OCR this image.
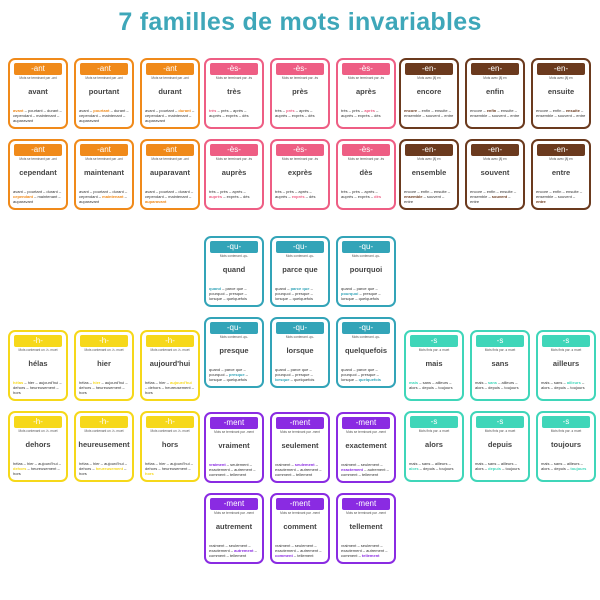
7 familles de mots invariables
-ant
Mots se terminant par -ant
avant
avant – pourtant – durant – cependant – maintenant – auparavant
-ant
Mots se terminant par -ant
pourtant
avant – pourtant – durant – cependant – maintenant – auparavant
-ant
Mots se terminant par -ant
durant
avant – pourtant – durant – cependant – maintenant – auparavant
-ant
Mots se terminant par -ant
cependant
avant – pourtant – durant – cependant – maintenant – auparavant
-ant
Mots se terminant par -ant
maintenant
avant – pourtant – durant – cependant – maintenant – auparavant
-ant
Mots se terminant par -ant
auparavant
avant – pourtant – durant – cependant – maintenant – auparavant
-ès-
Mots se terminant par -ès
très
très – près – après – auprès – exprès – dès
-ès-
Mots se terminant par -ès
près
très – près – après – auprès – exprès – dès
-ès-
Mots se terminant par -ès
après
très – près – après – auprès – exprès – dès
-ès-
Mots se terminant par -ès
auprès
très – près – après – auprès – exprès – dès
-ès-
Mots se terminant par -ès
exprès
très – près – après – auprès – exprès – dès
-ès-
Mots se terminant par -ès
dès
très – près – après – auprès – exprès – dès
-en-
Mots avec [ã] en
encore
encore – enfin – ensuite – ensemble – souvent – entre
-en-
Mots avec [ã] en
enfin
encore – enfin – ensuite – ensemble – souvent – entre
-en-
Mots avec [ã] en
ensuite
encore – enfin – ensuite – ensemble – souvent – entre
-en-
Mots avec [ã] en
ensemble
encore – enfin – ensuite – ensemble – souvent – entre
-en-
Mots avec [ã] en
souvent
encore – enfin – ensuite – ensemble – souvent – entre
-en-
Mots avec [ã] en
entre
encore – enfin – ensuite – ensemble – souvent – entre
-qu-
Mots contenant -qu-
quand
quand – parce que – pourquoi – presque – lorsque – quelquefois
-qu-
Mots contenant -qu-
parce que
quand – parce que – pourquoi – presque – lorsque – quelquefois
-qu-
Mots contenant -qu-
pourquoi
quand – parce que – pourquoi – presque – lorsque – quelquefois
-qu-
Mots contenant -qu-
presque
quand – parce que – pourquoi – presque – lorsque – quelquefois
-qu-
Mots contenant -qu-
lorsque
quand – parce que – pourquoi – presque – lorsque – quelquefois
-qu-
Mots contenant -qu-
quelquefois
quand – parce que – pourquoi – presque – lorsque – quelquefois
-h-
Mots contenant un -h- muet
hélas
hélas – hier – aujourd'hui – dehors – heureusement – hors
-h-
Mots contenant un -h- muet
hier
hélas – hier – aujourd'hui – dehors – heureusement – hors
-h-
Mots contenant un -h- muet
aujourd'hui
hélas – hier – aujourd'hui – dehors – heureusement – hors
-h-
Mots contenant un -h- muet
dehors
hélas – hier – aujourd'hui – dehors – heureusement – hors
-h-
Mots contenant un -h- muet
heureusement
hélas – hier – aujourd'hui – dehors – heureusement – hors
-h-
Mots contenant un -h- muet
hors
hélas – hier – aujourd'hui – dehors – heureusement – hors
-ment
Mots se terminant par -ment
vraiment
vraiment – seulement – exactement – autrement – comment – tellement
-ment
Mots se terminant par -ment
seulement
vraiment – seulement – exactement – autrement – comment – tellement
-ment
Mots se terminant par -ment
exactement
vraiment – seulement – exactement – autrement – comment – tellement
-ment
Mots se terminant par -ment
autrement
vraiment – seulement – exactement – autrement – comment – tellement
-ment
Mots se terminant par -ment
comment
vraiment – seulement – exactement – autrement – comment – tellement
-ment
Mots se terminant par -ment
tellement
vraiment – seulement – exactement – autrement – comment – tellement
-s
Mots finis par -s muet
mais
mais – sans – ailleurs – alors – depuis – toujours
-s
Mots finis par -s muet
sans
mais – sans – ailleurs – alors – depuis – toujours
-s
Mots finis par -s muet
ailleurs
mais – sans – ailleurs – alors – depuis – toujours
-s
Mots finis par -s muet
alors
mais – sans – ailleurs – alors – depuis – toujours
-s
Mots finis par -s muet
depuis
mais – sans – ailleurs – alors – depuis – toujours
-s
Mots finis par -s muet
toujours
mais – sans – ailleurs – alors – depuis – toujours
